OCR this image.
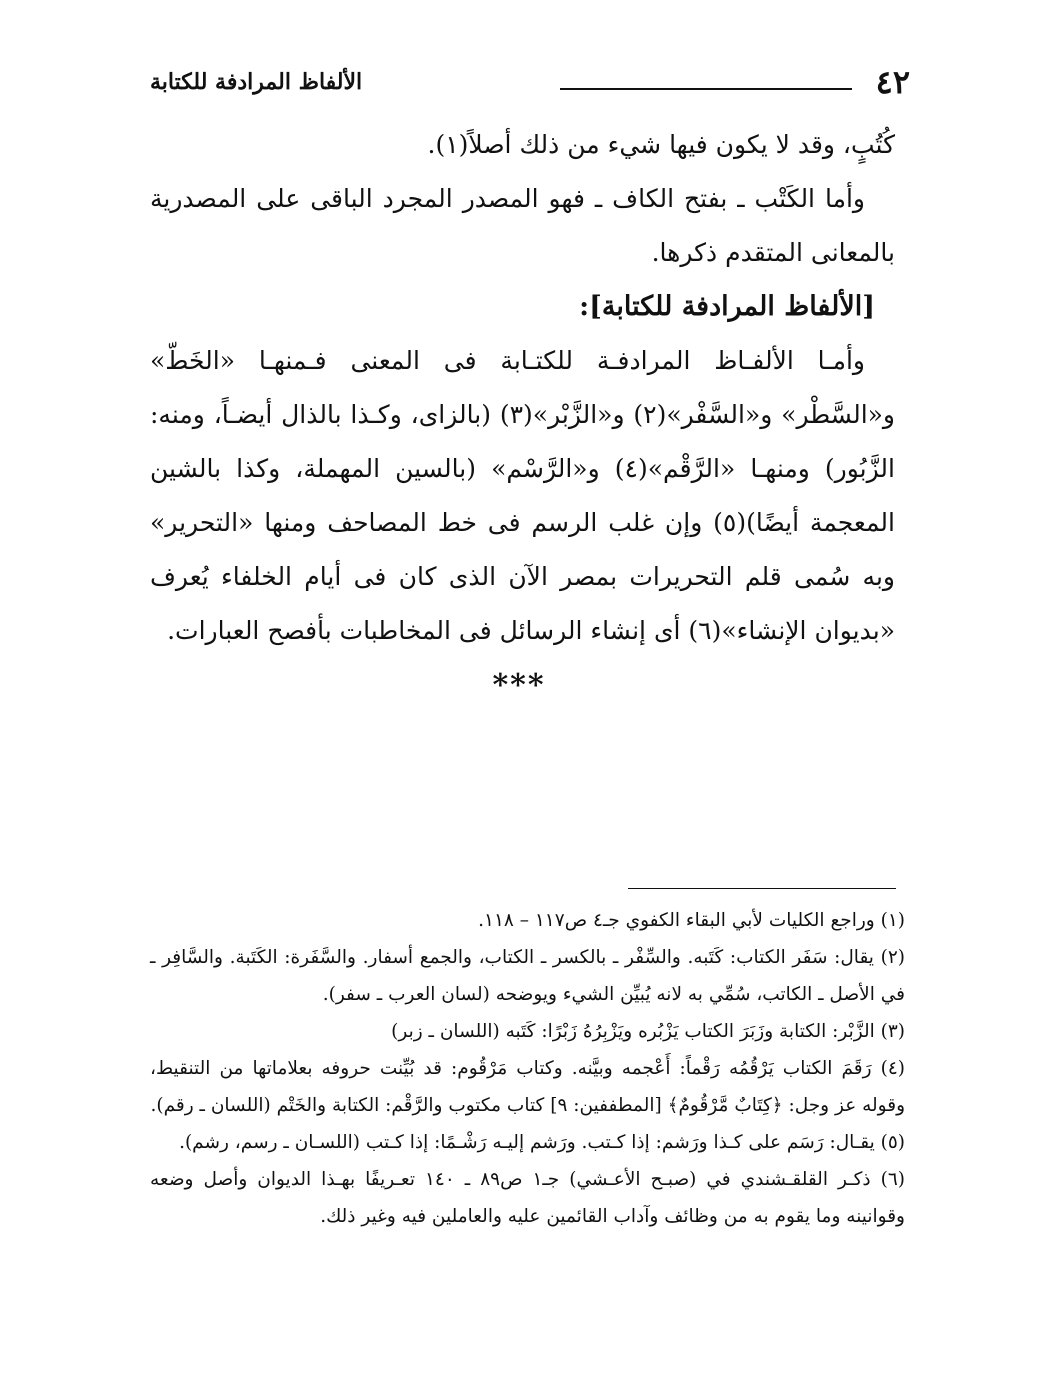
٤٢
الألفاظ المرادفة للكتابة

كُتُبٍ، وقد لا يكون فيها شيء من ذلك أصلاً(١).

وأما الكَتْب ـ بفتح الكاف ـ فهو المصدر المجرد الباقى على المصدرية بالمعانى المتقدم ذكرها.

[الألفاظ المرادفة للكتابة]:

وأمـا الألفـاظ المرادفـة للكتـابة فى المعنى فـمنهـا «الخَطّ» و«السَّطْر» و«السَّفْر»(٢) و«الزَّبْر»(٣) (بالزاى، وكـذا بالذال أيضـاً، ومنه: الزَّبُور) ومنهـا «الرَّقْم»(٤) و«الرَّسْم» (بالسين المهملة، وكذا بالشين المعجمة أيضًا)(٥) وإن غلب الرسم فى خط المصاحف ومنها «التحرير» وبه سُمى قلم التحريرات بمصر الآن الذى كان فى أيام الخلفاء يُعرف «بديوان الإنشاء»(٦) أى إنشاء الرسائل فى المخاطبات بأفصح العبارات.

***

(١) وراجع الكليات لأبي البقاء الكفوي جـ٤ ص١١٧ – ١١٨.

(٢) يقال: سَفَر الكتاب: كَتَبه. والسِّفْر ـ بالكسر ـ الكتاب، والجمع أسفار. والسَّفَرة: الكَتَبة. والسَّافِر ـ في الأصل ـ الكاتب، سُمِّي به لانه يُبيِّن الشيء ويوضحه (لسان العرب ـ سفر).

(٣) الزَّبْر: الكتابة وزَبَرَ الكتاب يَزْبُره ويَزْبِرُهُ زَبْرًا: كَتَبه (اللسان ـ زبر)

(٤) رَقَمَ الكتاب يَرْقُمُه رَقْماً: أَعْجمه وبيَّنه. وكتاب مَرْقُوم: قد بُيِّنت حروفه بعلاماتها من التنقيط، وقوله عز وجل: ﴿كِتَابٌ مَّرْقُومٌ﴾ [المطففين: ٩] كتاب مكتوب والرَّقْم: الكتابة والخَتْم (اللسان ـ رقم).

(٥) يقـال: رَسَم على كـذا ورَشم: إذا كـتب. ورَشم إليـه رَشْـمًا: إذا كـتب (اللسـان ـ رسم، رشم).

(٦) ذكـر القلقـشندي في (صبـح الأعـشي) جـ١ ص٨٩ ـ ١٤٠ تعـريفًا بهـذا الديوان وأصل وضعه وقوانينه وما يقوم به من وظائف وآداب القائمين عليه والعاملين فيه وغير ذلك.
